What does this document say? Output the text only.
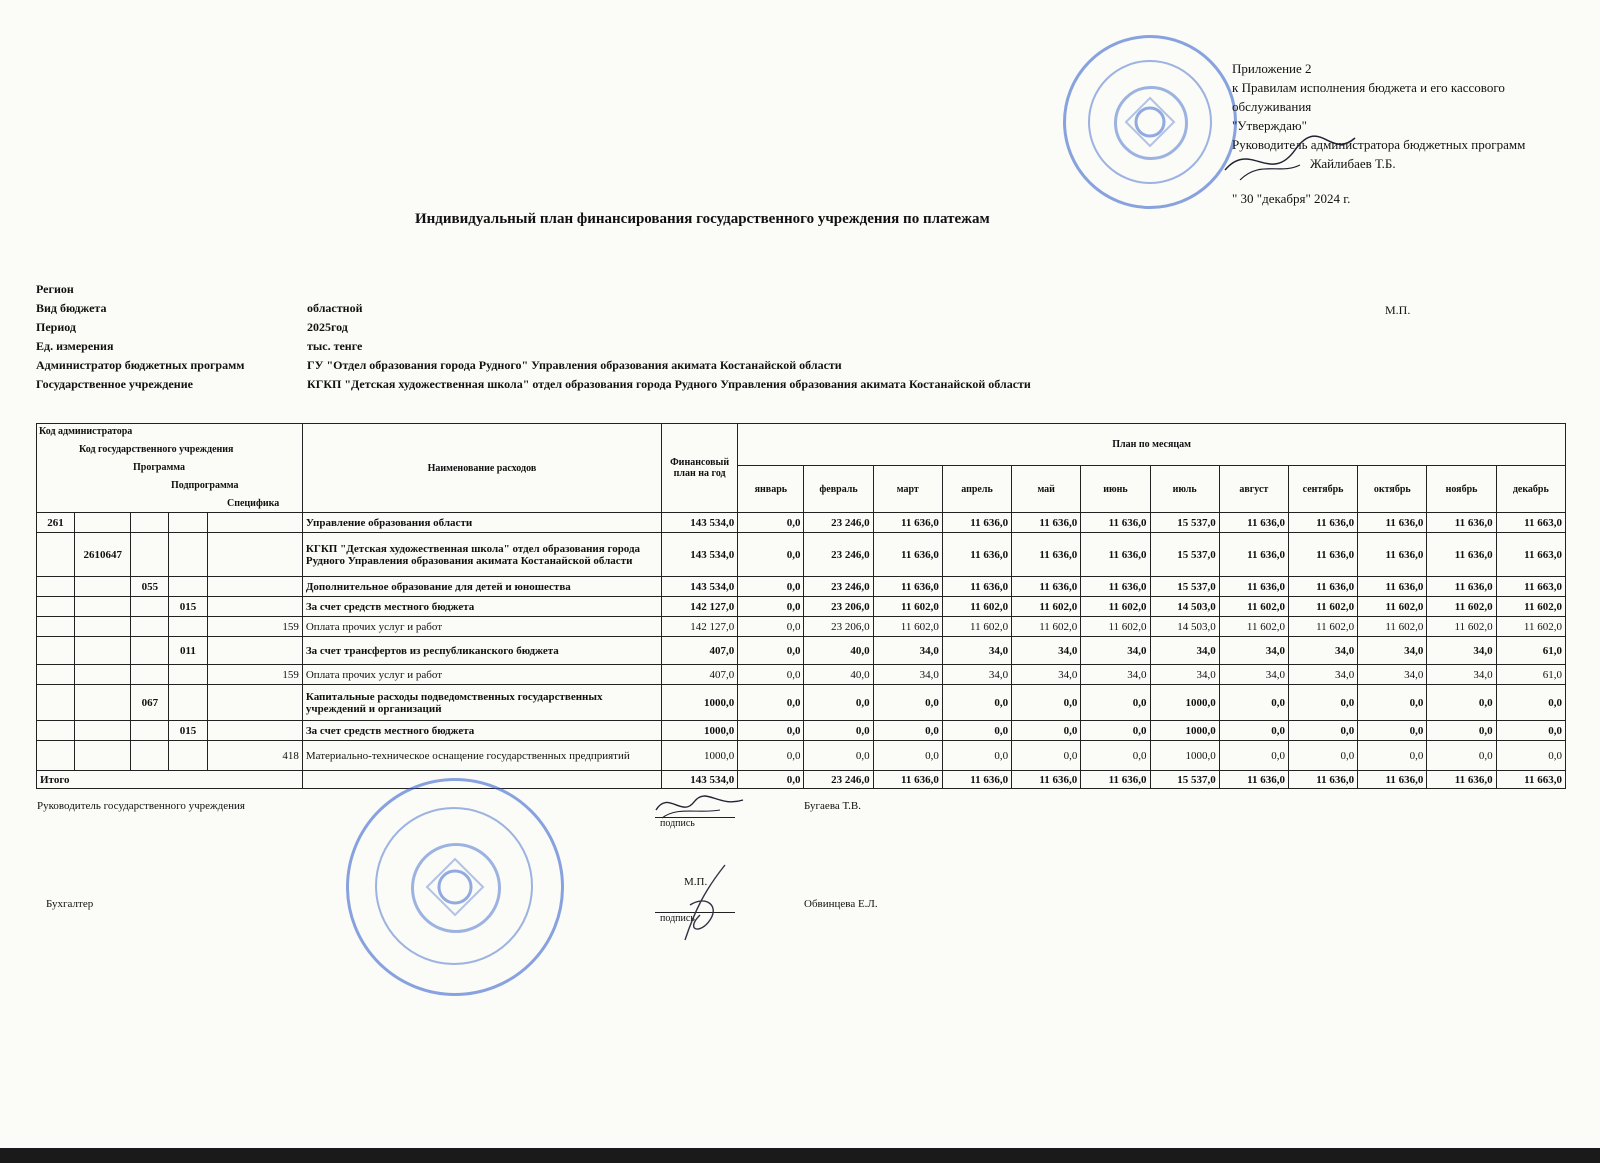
Приложение 2
к Правилам исполнения бюджета и его кассового
обслуживания
"Утверждаю"
Руководитель администратора бюджетных программ
Жайлибаев Т.Б.
" 30 "декабря" 2024 г.
Индивидуальный план финансирования государственного учреждения по платежам
М.П.
Регион
Вид бюджета	областной
Период	2025год
Ед. измерения	тыс. тенге
Администратор бюджетных программ	ГУ "Отдел образования города Рудного" Управления образования акимата Костанайской области
Государственное учреждение	КГКП "Детская художественная школа" отдел образования города Рудного Управления образования акимата Костанайской области
Код администратора
Код государственного учреждения
Программа
Подпрограмма
Специфика					Наименование расходов	Финансовый план на год	План по месяцам											
							январь	февраль	март	апрель	май	июнь	июль	август	сентябрь	октябрь	ноябрь	декабрь
261					Управление образования области	143 534,0	0,0	23 246,0	11 636,0	11 636,0	11 636,0	11 636,0	15 537,0	11 636,0	11 636,0	11 636,0	11 636,0	11 663,0
	2610647				КГКП "Детская художественная школа" отдел образования города Рудного Управления образования акимата Костанайской области	143 534,0	0,0	23 246,0	11 636,0	11 636,0	11 636,0	11 636,0	15 537,0	11 636,0	11 636,0	11 636,0	11 636,0	11 663,0
		055			Дополнительное образование для детей и юношества	143 534,0	0,0	23 246,0	11 636,0	11 636,0	11 636,0	11 636,0	15 537,0	11 636,0	11 636,0	11 636,0	11 636,0	11 663,0
			015		За счет средств местного бюджета	142 127,0	0,0	23 206,0	11 602,0	11 602,0	11 602,0	11 602,0	14 503,0	11 602,0	11 602,0	11 602,0	11 602,0	11 602,0
				159	Оплата прочих услуг и работ	142 127,0	0,0	23 206,0	11 602,0	11 602,0	11 602,0	11 602,0	14 503,0	11 602,0	11 602,0	11 602,0	11 602,0	11 602,0
			011		За счет трансфертов из республиканского бюджета	407,0	0,0	40,0	34,0	34,0	34,0	34,0	34,0	34,0	34,0	34,0	34,0	61,0
				159	Оплата прочих услуг и работ	407,0	0,0	40,0	34,0	34,0	34,0	34,0	34,0	34,0	34,0	34,0	34,0	61,0
		067			Капитальные расходы подведомственных государственных учреждений и организаций	1000,0	0,0	0,0	0,0	0,0	0,0	0,0	1000,0	0,0	0,0	0,0	0,0	0,0
			015		За счет средств местного бюджета	1000,0	0,0	0,0	0,0	0,0	0,0	0,0	1000,0	0,0	0,0	0,0	0,0	0,0
				418	Материально-техническое оснащение государственных предприятий	1000,0	0,0	0,0	0,0	0,0	0,0	0,0	1000,0	0,0	0,0	0,0	0,0	0,0
Итого						143 534,0	0,0	23 246,0	11 636,0	11 636,0	11 636,0	11 636,0	15 537,0	11 636,0	11 636,0	11 636,0	11 636,0	11 663,0
Руководитель государственного учреждения
подпись
Бугаева Т.В.
М.П.
Бухгалтер
подпись
Обвинцева Е.Л.
